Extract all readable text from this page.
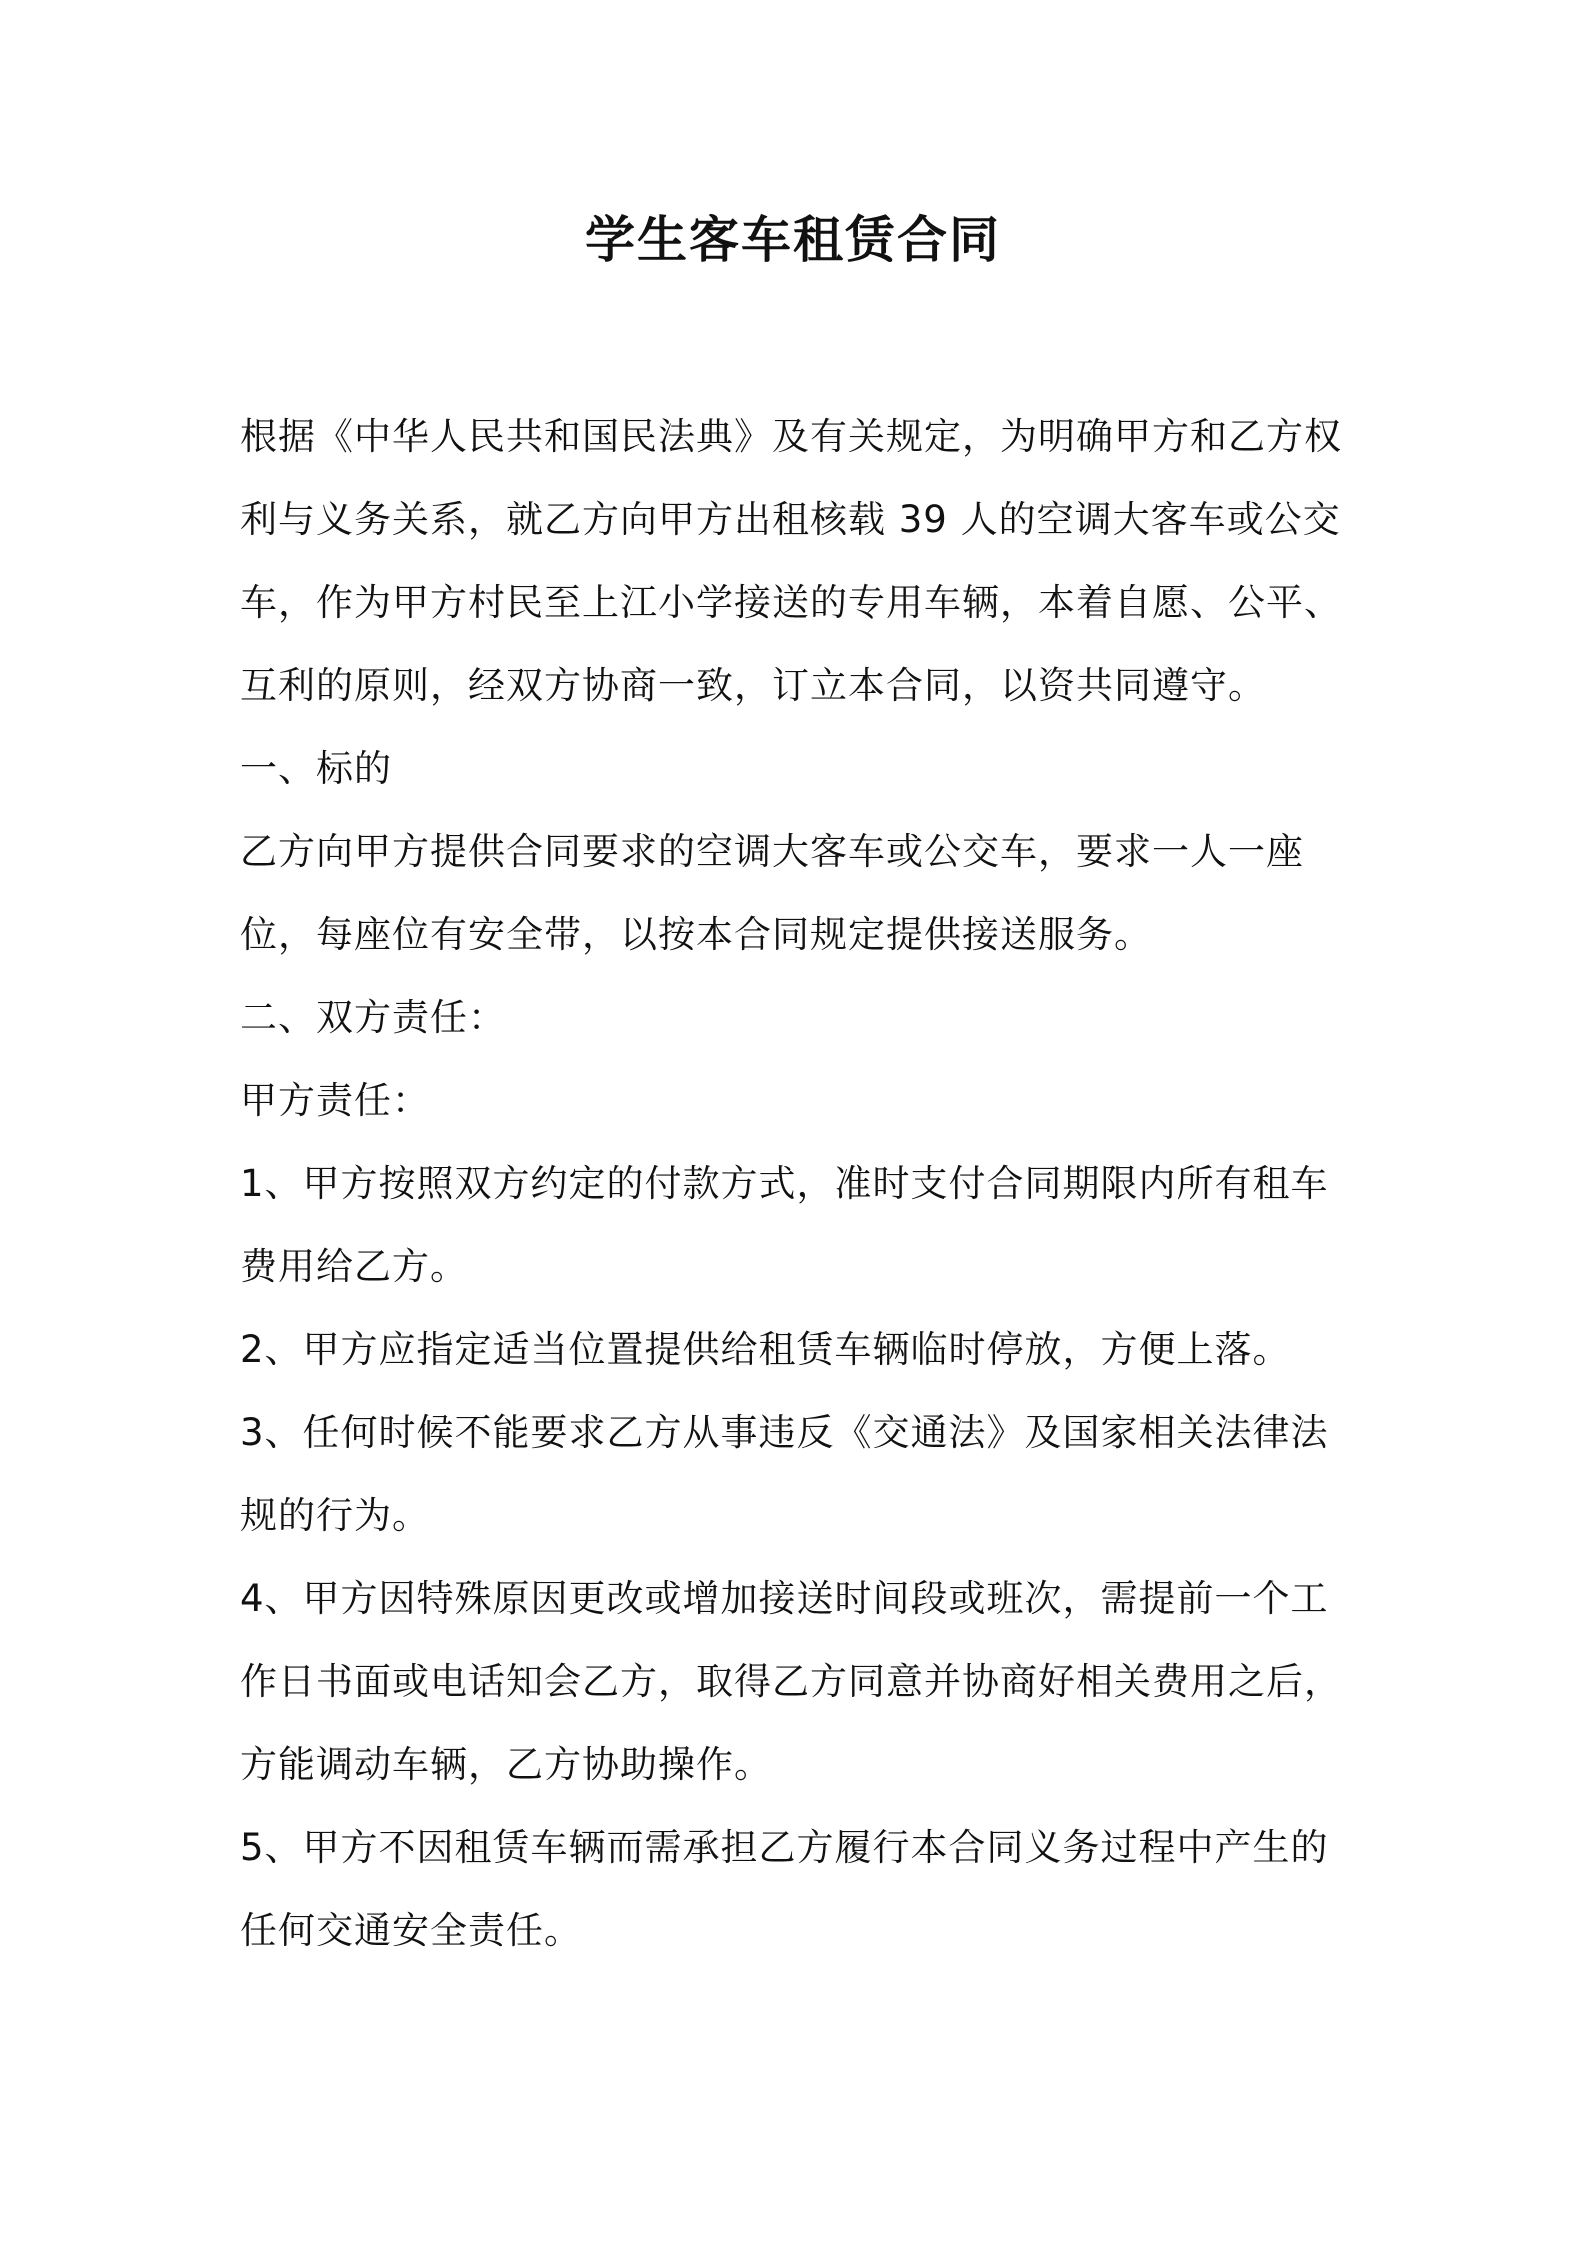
学生客车租赁合同

根据《中华人民共和国民法典》及有关规定，为明确甲方和乙方权利与义务关系，就乙方向甲方出租核载 39 人的空调大客车或公交车，作为甲方村民至上江小学接送的专用车辆，本着自愿、公平、互利的原则，经双方协商一致，订立本合同，以资共同遵守。

一、标的

乙方向甲方提供合同要求的空调大客车或公交车，要求一人一座位，每座位有安全带，以按本合同规定提供接送服务。

二、双方责任：

甲方责任：

1、甲方按照双方约定的付款方式，准时支付合同期限内所有租车费用给乙方。

2、甲方应指定适当位置提供给租赁车辆临时停放，方便上落。

3、任何时候不能要求乙方从事违反《交通法》及国家相关法律法规的行为。

4、甲方因特殊原因更改或增加接送时间段或班次，需提前一个工作日书面或电话知会乙方，取得乙方同意并协商好相关费用之后，方能调动车辆，乙方协助操作。

5、甲方不因租赁车辆而需承担乙方履行本合同义务过程中产生的任何交通安全责任。
